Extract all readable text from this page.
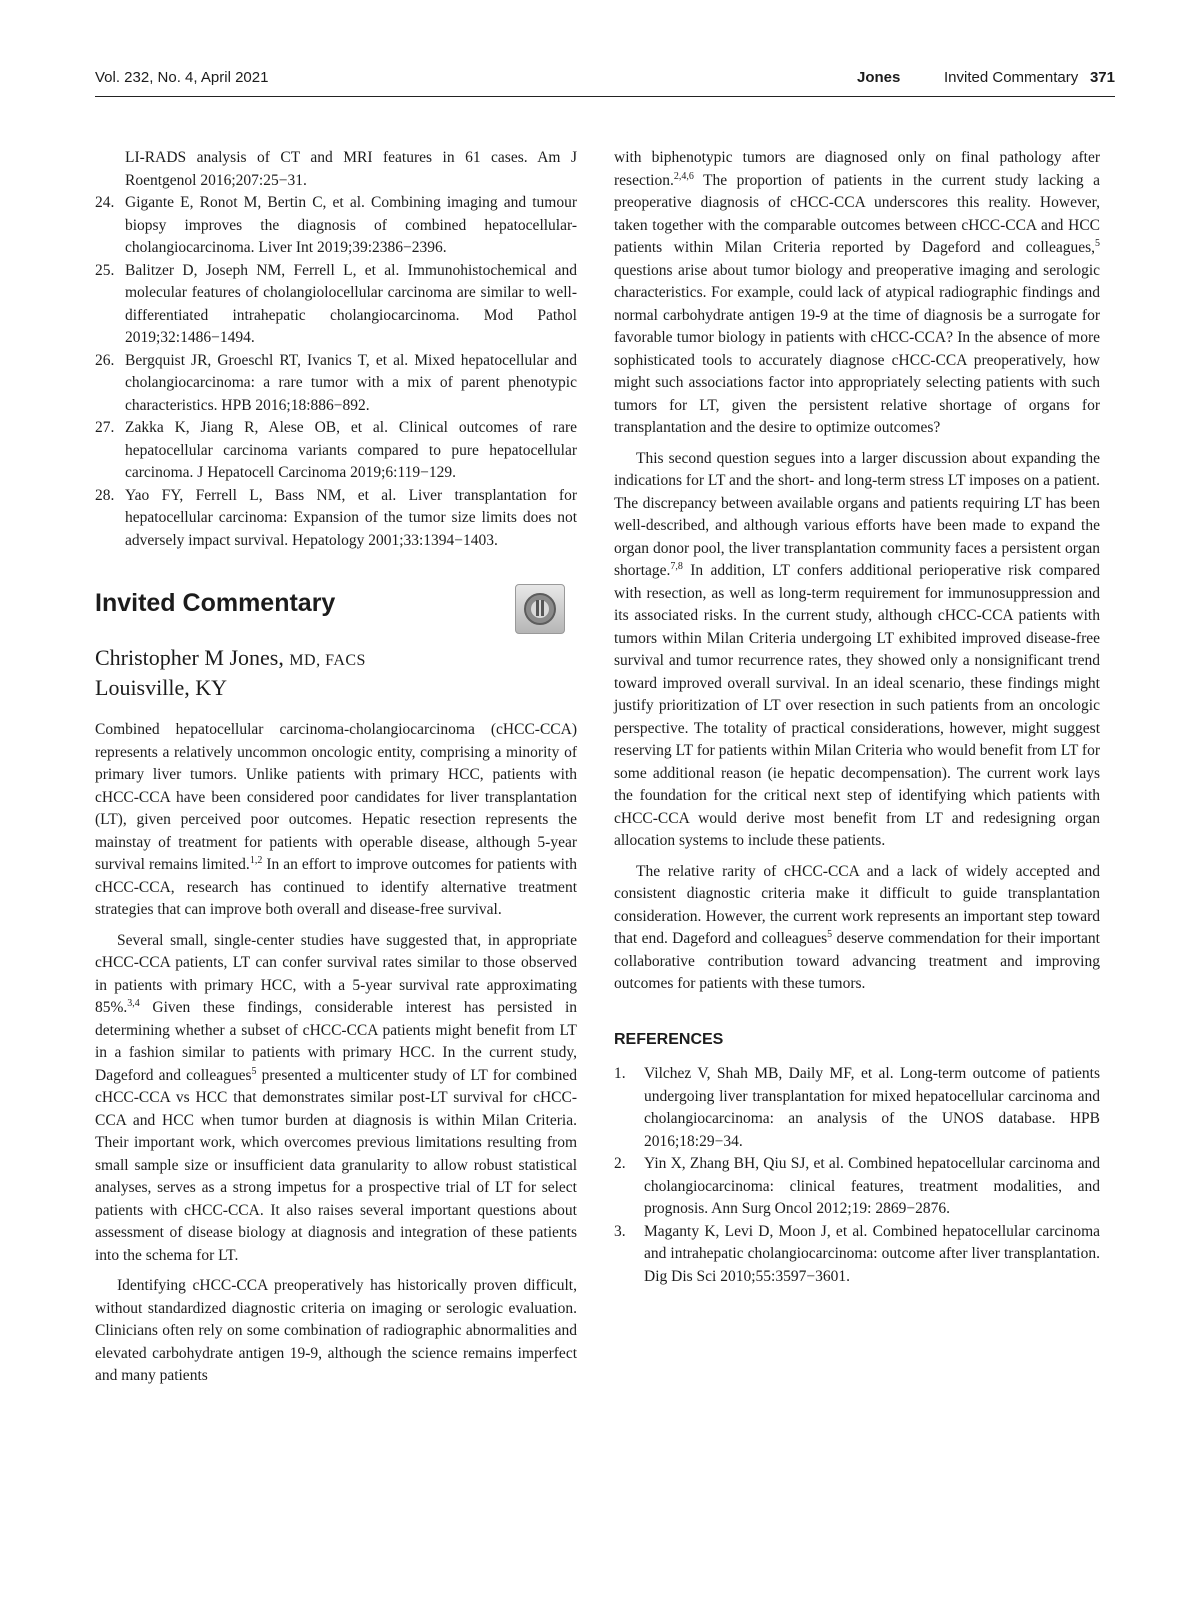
Vol. 232, No. 4, April 2021	Jones	Invited Commentary 371
LI-RADS analysis of CT and MRI features in 61 cases. Am J Roentgenol 2016;207:25−31.
24. Gigante E, Ronot M, Bertin C, et al. Combining imaging and tumour biopsy improves the diagnosis of combined hepatocellular-cholangiocarcinoma. Liver Int 2019;39:2386−2396.
25. Balitzer D, Joseph NM, Ferrell L, et al. Immunohistochemical and molecular features of cholangiolocellular carcinoma are similar to well-differentiated intrahepatic cholangiocarcinoma. Mod Pathol 2019;32:1486−1494.
26. Bergquist JR, Groeschl RT, Ivanics T, et al. Mixed hepatocellular and cholangiocarcinoma: a rare tumor with a mix of parent phenotypic characteristics. HPB 2016;18:886−892.
27. Zakka K, Jiang R, Alese OB, et al. Clinical outcomes of rare hepatocellular carcinoma variants compared to pure hepatocellular carcinoma. J Hepatocell Carcinoma 2019;6:119−129.
28. Yao FY, Ferrell L, Bass NM, et al. Liver transplantation for hepatocellular carcinoma: Expansion of the tumor size limits does not adversely impact survival. Hepatology 2001;33:1394−1403.
Invited Commentary
Christopher M Jones, MD, FACS
Louisville, KY

Combined hepatocellular carcinoma-cholangiocarcinoma (cHCC-CCA) represents a relatively uncommon oncologic entity, comprising a minority of primary liver tumors. Unlike patients with primary HCC, patients with cHCC-CCA have been considered poor candidates for liver transplantation (LT), given perceived poor outcomes. Hepatic resection represents the mainstay of treatment for patients with operable disease, although 5-year survival remains limited.$^{1,2}$ In an effort to improve outcomes for patients with cHCC-CCA, research has continued to identify alternative treatment strategies that can improve both overall and disease-free survival.

Several small, single-center studies have suggested that, in appropriate cHCC-CCA patients, LT can confer survival rates similar to those observed in patients with primary HCC, with a 5-year survival rate approximating 85%.$^{3,4}$ Given these findings, considerable interest has persisted in determining whether a subset of cHCC-CCA patients might benefit from LT in a fashion similar to patients with primary HCC. In the current study, Dageford and colleagues$^5$ presented a multicenter study of LT for combined cHCC-CCA vs HCC that demonstrates similar post-LT survival for cHCC-CCA and HCC when tumor burden at diagnosis is within Milan Criteria. Their important work, which overcomes previous limitations resulting from small sample size or insufficient data granularity to allow robust statistical analyses, serves as a strong impetus for a prospective trial of LT for select patients with cHCC-CCA. It also raises several important questions about assessment of disease biology at diagnosis and integration of these patients into the schema for LT.

Identifying cHCC-CCA preoperatively has historically proven difficult, without standardized diagnostic criteria on imaging or serologic evaluation. Clinicians often rely on some combination of radiographic abnormalities and elevated carbohydrate antigen 19-9, although the science remains imperfect and many patients

with biphenotypic tumors are diagnosed only on final pathology after resection.$^{2,4,6}$ The proportion of patients in the current study lacking a preoperative diagnosis of cHCC-CCA underscores this reality. However, taken together with the comparable outcomes between cHCC-CCA and HCC patients within Milan Criteria reported by Dageford and colleagues,$^5$ questions arise about tumor biology and preoperative imaging and serologic characteristics. For example, could lack of atypical radiographic findings and normal carbohydrate antigen 19-9 at the time of diagnosis be a surrogate for favorable tumor biology in patients with cHCC-CCA? In the absence of more sophisticated tools to accurately diagnose cHCC-CCA preoperatively, how might such associations factor into appropriately selecting patients with such tumors for LT, given the persistent relative shortage of organs for transplantation and the desire to optimize outcomes?

This second question segues into a larger discussion about expanding the indications for LT and the short- and long-term stress LT imposes on a patient. The discrepancy between available organs and patients requiring LT has been well-described, and although various efforts have been made to expand the organ donor pool, the liver transplantation community faces a persistent organ shortage.$^{7,8}$ In addition, LT confers additional perioperative risk compared with resection, as well as long-term requirement for immunosuppression and its associated risks. In the current study, although cHCC-CCA patients with tumors within Milan Criteria undergoing LT exhibited improved disease-free survival and tumor recurrence rates, they showed only a nonsignificant trend toward improved overall survival. In an ideal scenario, these findings might justify prioritization of LT over resection in such patients from an oncologic perspective. The totality of practical considerations, however, might suggest reserving LT for patients within Milan Criteria who would benefit from LT for some additional reason (ie hepatic decompensation). The current work lays the foundation for the critical next step of identifying which patients with cHCC-CCA would derive most benefit from LT and redesigning organ allocation systems to include these patients.

The relative rarity of cHCC-CCA and a lack of widely accepted and consistent diagnostic criteria make it difficult to guide transplantation consideration. However, the current work represents an important step toward that end. Dageford and colleagues$^5$ deserve commendation for their important collaborative contribution toward advancing treatment and improving outcomes for patients with these tumors.

REFERENCES
1.	Vilchez V, Shah MB, Daily MF, et al. Long-term outcome of patients undergoing liver transplantation for mixed hepatocellular carcinoma and cholangiocarcinoma: an analysis of the UNOS database. HPB 2016;18:29−34.
2.	Yin X, Zhang BH, Qiu SJ, et al. Combined hepatocellular carcinoma and cholangiocarcinoma: clinical features, treatment modalities, and prognosis. Ann Surg Oncol 2012;19: 2869−2876.
3.	Maganty K, Levi D, Moon J, et al. Combined hepatocellular carcinoma and intrahepatic cholangiocarcinoma: outcome after liver transplantation. Dig Dis Sci 2010;55:3597−3601.
